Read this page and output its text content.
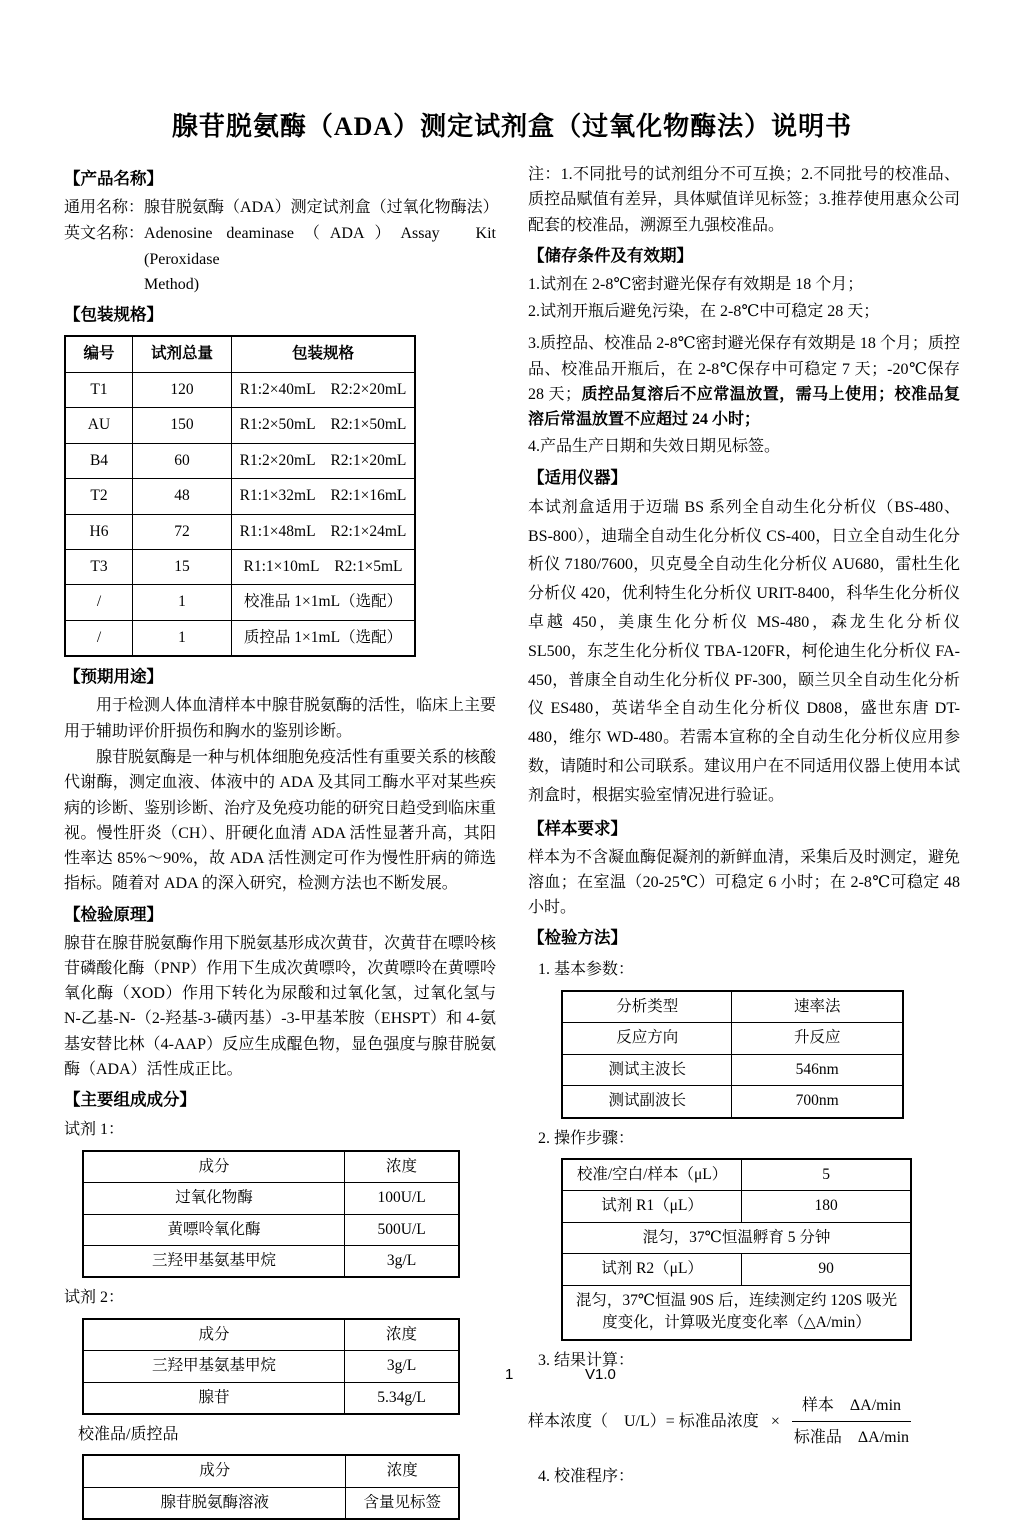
腺苷脱氨酶（ADA）测定试剂盒（过氧化物酶法）说明书
【产品名称】

通用名称： 腺苷脱氨酶（ADA）测定试剂盒（过氧化物酶法）

英文名称： Adenosine deaminase（ADA）Assay　Kit (Peroxidase
Method)

【包装规格】
编号	试剂总量	包装规格
T1	120	R1:2×40mL　R2:2×20mL
AU	150	R1:2×50mL　R2:1×50mL
B4	60	R1:2×20mL　R2:1×20mL
T2	48	R1:1×32mL　R2:1×16mL
H6	72	R1:1×48mL　R2:1×24mL
T3	15	R1:1×10mL　R2:1×5mL
/	1	校准品 1×1mL（选配）
/	1	质控品 1×1mL（选配）
【预期用途】

用于检测人体血清样本中腺苷脱氨酶的活性，临床上主要用于辅助评价肝损伤和胸水的鉴别诊断。

腺苷脱氨酶是一种与机体细胞免疫活性有重要关系的核酸代谢酶，测定血液、体液中的 ADA 及其同工酶水平对某些疾病的诊断、鉴别诊断、治疗及免疫功能的研究日趋受到临床重视。慢性肝炎（CH）、肝硬化血清 ADA 活性显著升高，其阳性率达 85%～90%，故 ADA 活性测定可作为慢性肝病的筛选指标。随着对 ADA 的深入研究，检测方法也不断发展。

【检验原理】

腺苷在腺苷脱氨酶作用下脱氨基形成次黄苷，次黄苷在嘌呤核苷磷酸化酶（PNP）作用下生成次黄嘌呤，次黄嘌呤在黄嘌呤氧化酶（XOD）作用下转化为尿酸和过氧化氢，过氧化氢与 N-乙基-N-（2-羟基-3-磺丙基）-3-甲基苯胺（EHSPT）和 4-氨基安替比林（4-AAP）反应生成醌色物，显色强度与腺苷脱氨酶（ADA）活性成正比。

【主要组成成分】

试剂 1：

成分	浓度
过氧化物酶	100U/L
黄嘌呤氧化酶	500U/L
三羟甲基氨基甲烷	3g/L

试剂 2：

成分	浓度
三羟甲基氨基甲烷	3g/L
腺苷	5.34g/L

校准品/质控品

成分	浓度
腺苷脱氨酶溶液	含量见标签

注：1.不同批号的试剂组分不可互换；2.不同批号的校准品、质控品赋值有差异，具体赋值详见标签；3.推荐使用惠众公司配套的校准品，溯源至九强校准品。

【储存条件及有效期】

1.试剂在 2-8℃密封避光保存有效期是 18 个月；

2.试剂开瓶后避免污染，在 2-8℃中可稳定 28 天；

3.质控品、校准品 2-8℃密封避光保存有效期是 18 个月；质控品、校准品开瓶后，在 2-8℃保存中可稳定 7 天；-20℃保存 28 天；质控品复溶后不应常温放置，需马上使用；校准品复溶后常温放置不应超过 24 小时；

4.产品生产日期和失效日期见标签。

【适用仪器】

本试剂盒适用于迈瑞 BS 系列全自动生化分析仪（BS-480、BS-800），迪瑞全自动生化分析仪 CS-400，日立全自动生化分析仪 7180/7600，贝克曼全自动生化分析仪 AU680，雷杜生化分析仪 420，优利特生化分析仪 URIT-8400，科华生化分析仪卓越 450，美康生化分析仪 MS-480，森龙生化分析仪 SL500，东芝生化分析仪 TBA-120FR，柯伦迪生化分析仪 FA-450，普康全自动生化分析仪 PF-300，颐兰贝全自动生化分析仪 ES480，英诺华全自动生化分析仪 D808，盛世东唐 DT-480，维尔 WD-480。若需本宣称的全自动生化分析仪应用参数，请随时和公司联系。建议用户在不同适用仪器上使用本试剂盒时，根据实验室情况进行验证。

【样本要求】

样本为不含凝血酶促凝剂的新鲜血清，采集后及时测定，避免溶血；在室温（20-25℃）可稳定 6 小时；在 2-8℃可稳定 48 小时。

【检验方法】

1. 基本参数：

分析类型	速率法
反应方向	升反应
测试主波长	546nm
测试副波长	700nm

2. 操作步骤：

校准/空白/样本（μL）	5
试剂 R1（μL）	180
混匀，37℃恒温孵育 5 分钟	
试剂 R2（μL）	90
混匀，37℃恒温 90S 后，连续测定约 120S 吸光度变化，计算吸光度变化率（△A/min）	

3. 结果计算：

样本浓度（　U/L）= 标准品浓度 × $\frac{\text{样本　ΔA/min}}{\text{标准品　ΔA/min}}$

4. 校准程序：

1	V1.0
